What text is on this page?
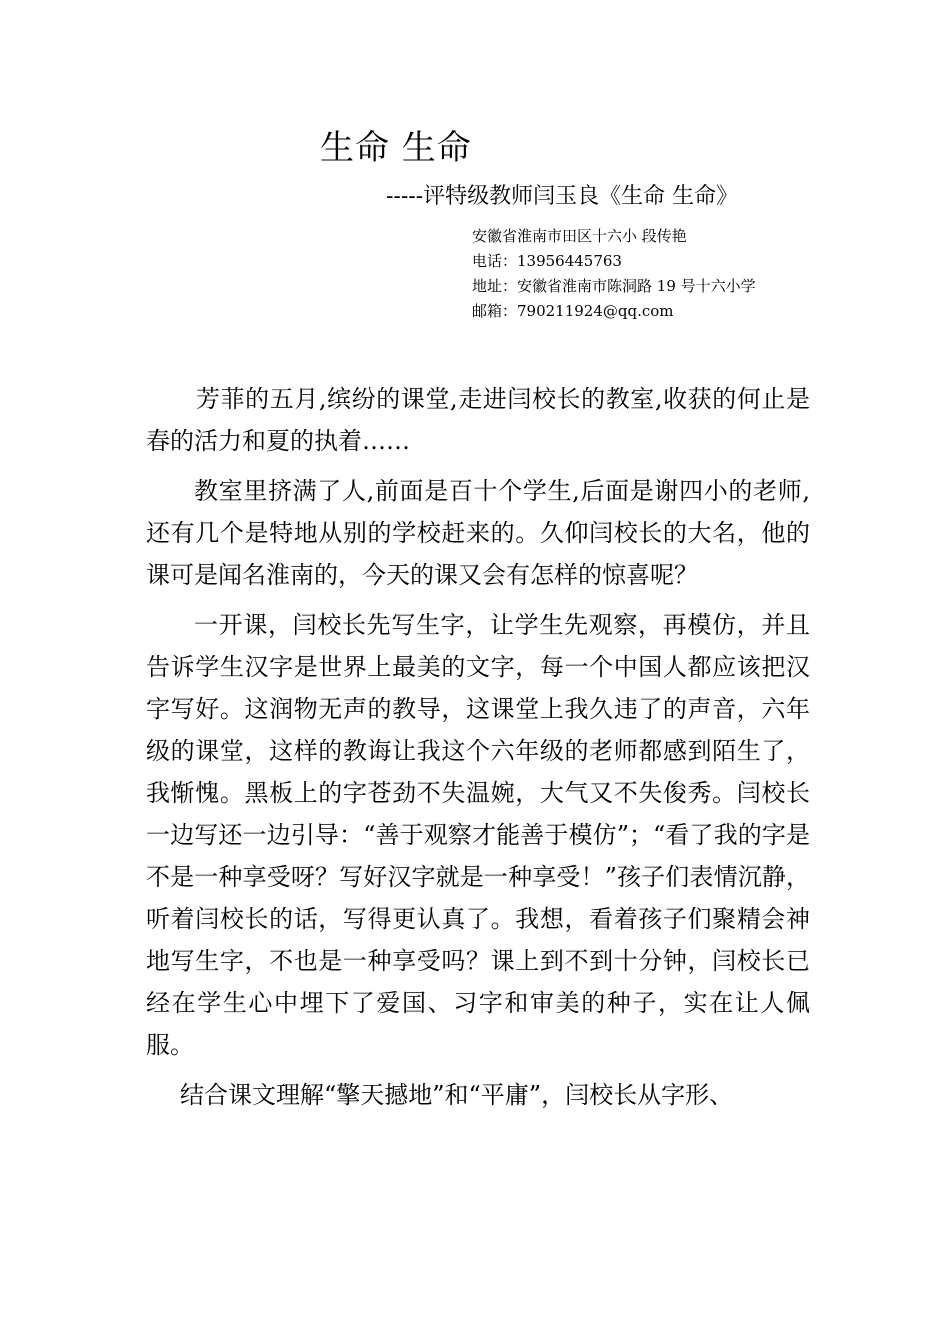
生命 生命
-----评特级教师闫玉良《生命 生命》
安徽省淮南市田区十六小 段传艳
电话：13956445763
地址：安徽省淮南市陈洞路 19 号十六小学
邮箱：790211924@qq.com

芳菲的五月,缤纷的课堂,走进闫校长的教室,收获的何止是春的活力和夏的执着……

教室里挤满了人,前面是百十个学生,后面是谢四小的老师,还有几个是特地从别的学校赶来的。久仰闫校长的大名，他的课可是闻名淮南的，今天的课又会有怎样的惊喜呢？

一开课，闫校长先写生字，让学生先观察，再模仿，并且告诉学生汉字是世界上最美的文字，每一个中国人都应该把汉字写好。这润物无声的教导，这课堂上我久违了的声音，六年级的课堂，这样的教诲让我这个六年级的老师都感到陌生了，我惭愧。黑板上的字苍劲不失温婉，大气又不失俊秀。闫校长一边写还一边引导：“善于观察才能善于模仿”；“看了我的字是不是一种享受呀？写好汉字就是一种享受！”孩子们表情沉静，听着闫校长的话，写得更认真了。我想，看着孩子们聚精会神地写生字，不也是一种享受吗？课上到不到十分钟，闫校长已经在学生心中埋下了爱国、习字和审美的种子，实在让人佩服。

结合课文理解“擎天撼地”和“平庸”，闫校长从字形、
